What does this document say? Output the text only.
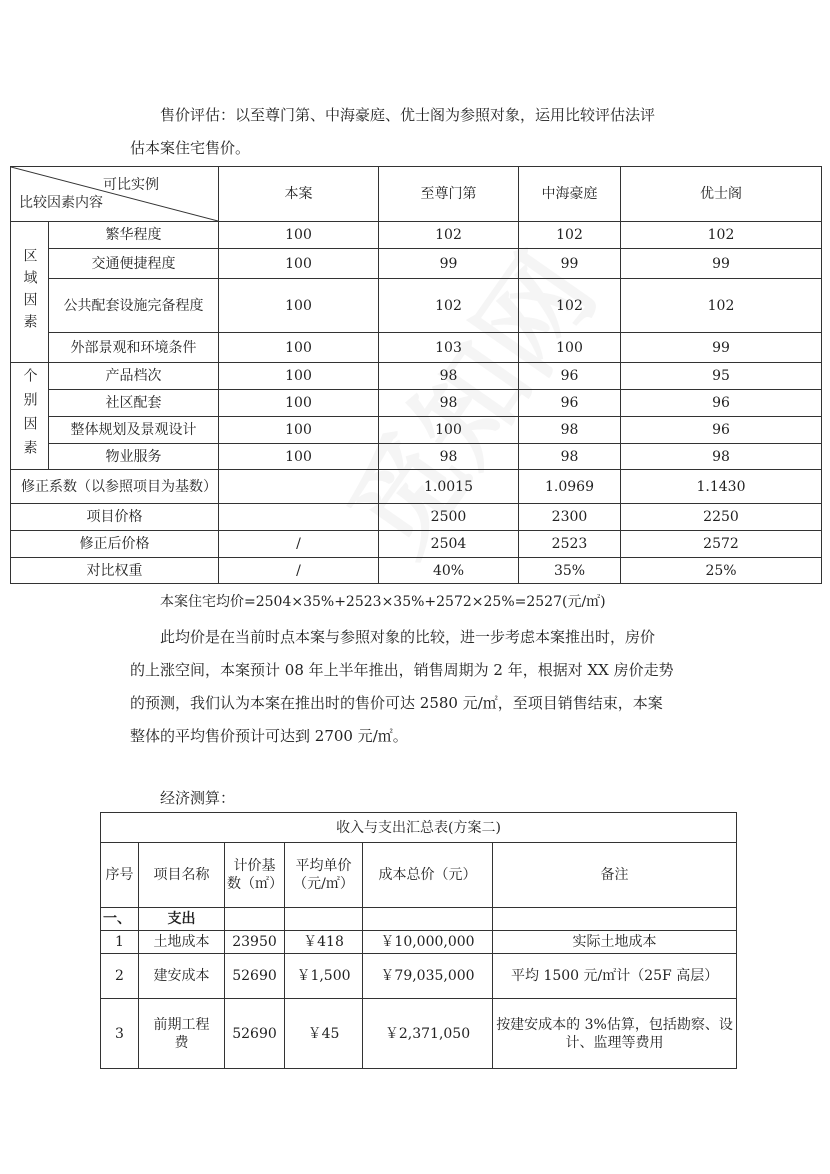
售价评估：以至尊门第、中海豪庭、优士阁为参照对象，运用比较评估法评
估本案住宅售价。
可比实例
比较因素内容		本案	至尊门第	中海豪庭	优士阁
区域因素	繁华程度	100	102	102	102
	交通便捷程度	100	99	99	99
	公共配套设施完备程度	100	102	102	102
	外部景观和环境条件	100	103	100	99
个别因素	产品档次	100	98	96	95
	社区配套	100	98	96	96
	整体规划及景观设计	100	100	98	96
	物业服务	100	98	98	98
修正系数（以参照项目为基数）			1.0015	1.0969	1.1430
项目价格			2500	2300	2250
修正后价格		/	2504	2523	2572
对比权重		/	40%	35%	25%
本案住宅均价=2504×35%+2523×35%+2572×25%=2527(元/㎡)
此均价是在当前时点本案与参照对象的比较，进一步考虑本案推出时，房价
的上涨空间，本案预计 08 年上半年推出，销售周期为 2 年，根据对 XX 房价走势
的预测，我们认为本案在推出时的售价可达 2580 元/㎡，至项目销售结束，本案
整体的平均售价预计可达到 2700 元/㎡。
经济测算：
收入与支出汇总表(方案二)					
序号	项目名称	计价基数（㎡）	平均单价（元/㎡）	成本总价（元）	备注
一、	支出				
1	土地成本	23950	￥418	￥10,000,000	实际土地成本
2	建安成本	52690	￥1,500	￥79,035,000	平均 1500 元/㎡计（25F 高层）
3	前期工程费	52690	￥45	￥2,371,050	按建安成本的 3%估算，包括勘察、设计、监理等费用
